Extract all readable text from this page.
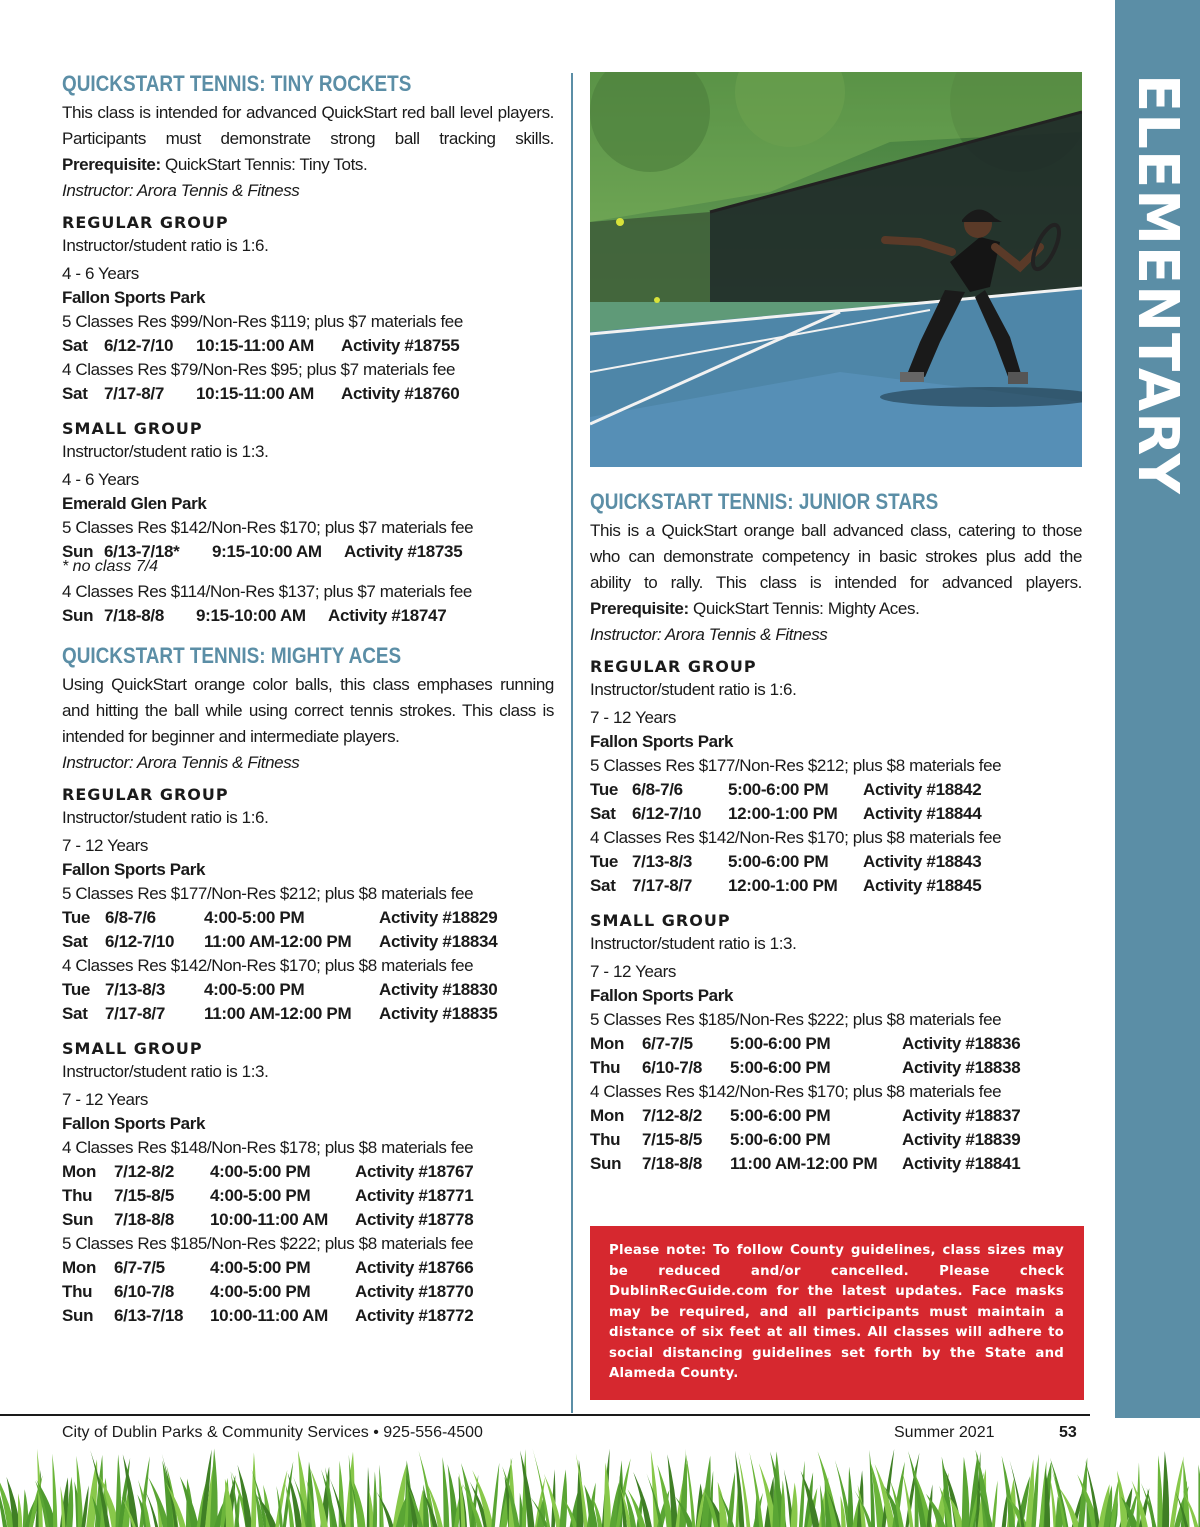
ELEMENTARY
QUICKSTART TENNIS: TINY ROCKETS

This class is intended for advanced QuickStart red ball level players. Participants must demonstrate strong ball tracking skills. Prerequisite: QuickStart Tennis: Tiny Tots.

Instructor: Arora Tennis & Fitness

REGULAR GROUP

Instructor/student ratio is 1:6.

4 - 6 Years

Fallon Sports Park

5 Classes Res $99/Non-Res $119; plus $7 materials fee

Sat 6/12-7/10	10:15-11:00 AM	Activity #18755

4 Classes Res $79/Non-Res $95; plus $7 materials fee

Sat 7/17-8/7	10:15-11:00 AM	Activity #18760
SMALL GROUP

Instructor/student ratio is 1:3.

4 - 6 Years

Emerald Glen Park

5 Classes Res $142/Non-Res $170; plus $7 materials fee

Sun 6/13-7/18*	9:15-10:00 AM	Activity #18735

* no class 7/4

4 Classes Res $114/Non-Res $137; plus $7 materials fee

Sun 7/18-8/8	9:15-10:00 AM	Activity #18747
QUICKSTART TENNIS: MIGHTY ACES

Using QuickStart orange color balls, this class emphases running and hitting the ball while using correct tennis strokes. This class is intended for beginner and intermediate players.

Instructor: Arora Tennis & Fitness

REGULAR GROUP

Instructor/student ratio is 1:6.

7 - 12 Years

Fallon Sports Park

5 Classes Res $177/Non-Res $212; plus $8 materials fee

Tue 6/8-7/6	4:00-5:00 PM	Activity #18829
Sat	6/12-7/10	11:00 AM-12:00 PM	Activity #18834

4 Classes Res $142/Non-Res $170; plus $8 materials fee

Tue 7/13-8/3	4:00-5:00 PM	Activity #18830
Sat	7/17-8/7	11:00 AM-12:00 PM	Activity #18835
SMALL GROUP

Instructor/student ratio is 1:3.

7 - 12 Years

Fallon Sports Park

4 Classes Res $148/Non-Res $178; plus $8 materials fee

Mon	7/12-8/2	4:00-5:00 PM	Activity #18767
Thu	7/15-8/5	4:00-5:00 PM	Activity #18771
Sun	7/18-8/8	10:00-11:00 AM	Activity #18778

5 Classes Res $185/Non-Res $222; plus $8 materials fee

Mon	6/7-7/5	4:00-5:00 PM	Activity #18766
Thu	6/10-7/8	4:00-5:00 PM	Activity #18770
Sun	6/13-7/18	10:00-11:00 AM	Activity #18772
QUICKSTART TENNIS: JUNIOR STARS

This is a QuickStart orange ball advanced class, catering to those who can demonstrate competency in basic strokes plus add the ability to rally. This class is intended for advanced players. Prerequisite: QuickStart Tennis: Mighty Aces.

Instructor: Arora Tennis & Fitness

REGULAR GROUP

Instructor/student ratio is 1:6.

7 - 12 Years

Fallon Sports Park

5 Classes Res $177/Non-Res $212; plus $8 materials fee

Tue 6/8-7/6	5:00-6:00 PM	Activity #18842
Sat 6/12-7/10	12:00-1:00 PM	Activity #18844

4 Classes Res $142/Non-Res $170; plus $8 materials fee

Tue 7/13-8/3	5:00-6:00 PM	Activity #18843
Sat 7/17-8/7	12:00-1:00 PM	Activity #18845
SMALL GROUP

Instructor/student ratio is 1:3.

7 - 12 Years

Fallon Sports Park

5 Classes Res $185/Non-Res $222; plus $8 materials fee

Mon	6/7-7/5	5:00-6:00 PM	Activity #18836
Thu	6/10-7/8	5:00-6:00 PM	Activity #18838

4 Classes Res $142/Non-Res $170; plus $8 materials fee

Mon	7/12-8/2	5:00-6:00 PM	Activity #18837
Thu	7/15-8/5	5:00-6:00 PM	Activity #18839
Sun	7/18-8/8	11:00 AM-12:00 PM	Activity #18841
Please note: To follow County guidelines, class sizes may be reduced and/or cancelled. Please check DublinRecGuide.com for the latest updates. Face masks may be required, and all participants must maintain a distance of six feet at all times. All classes will adhere to social distancing guidelines set forth by the State and Alameda County.
City of Dublin Parks & Community Services • 925-556-4500	Summer 2021	53
